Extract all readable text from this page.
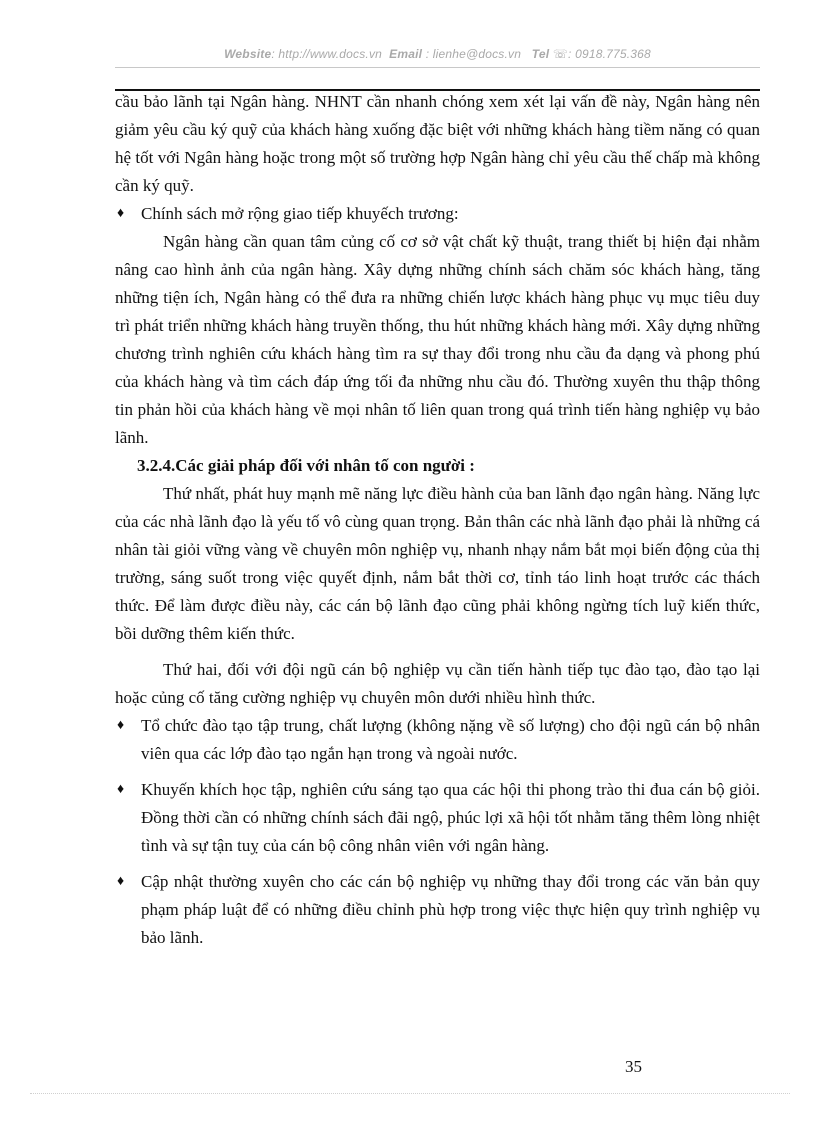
Website: http://www.docs.vn Email : lienhe@docs.vn Tel ☏: 0918.775.368

cầu bảo lãnh tại Ngân hàng. NHNT cần nhanh chóng xem xét lại vấn đề này, Ngân hàng nên giảm yêu cầu ký quỹ của khách hàng xuống đặc biệt với những khách hàng tiềm năng có quan hệ tốt với Ngân hàng hoặc trong một số trường hợp Ngân hàng chỉ yêu cầu thế chấp mà không cần ký quỹ.

♦ Chính sách mở rộng giao tiếp khuyếch trương:

Ngân hàng cần quan tâm củng cố cơ sở vật chất kỹ thuật, trang thiết bị hiện đại nhằm nâng cao hình ảnh của ngân hàng. Xây dựng những chính sách chăm sóc khách hàng, tăng những tiện ích, Ngân hàng có thể đưa ra những chiến lược khách hàng phục vụ mục tiêu duy trì phát triển những khách hàng truyền thống, thu hút những khách hàng mới. Xây dựng những chương trình nghiên cứu khách hàng tìm ra sự thay đổi trong nhu cầu đa dạng và phong phú của khách hàng và tìm cách đáp ứng tối đa những nhu cầu đó. Thường xuyên thu thập thông tin phản hồi của khách hàng về mọi nhân tố liên quan trong quá trình tiến hàng nghiệp vụ bảo lãnh.

3.2.4.Các giải pháp đối với nhân tố con người :

Thứ nhất, phát huy mạnh mẽ năng lực điều hành của ban lãnh đạo ngân hàng. Năng lực của các nhà lãnh đạo là yếu tố vô cùng quan trọng. Bản thân các nhà lãnh đạo phải là những cá nhân tài giỏi vững vàng về chuyên môn nghiệp vụ, nhanh nhạy nắm bắt mọi biến động của thị trường, sáng suốt trong việc quyết định, nắm bắt thời cơ, tỉnh táo linh hoạt trước các thách thức. Để làm được điều này, các cán bộ lãnh đạo cũng phải không ngừng tích luỹ kiến thức, bồi dưỡng thêm kiến thức.

Thứ hai, đối với đội ngũ cán bộ nghiệp vụ cần tiến hành tiếp tục đào tạo, đào tạo lại hoặc củng cố tăng cường nghiệp vụ chuyên môn dưới nhiều hình thức.

♦ Tổ chức đào tạo tập trung, chất lượng (không nặng về số lượng) cho đội ngũ cán bộ nhân viên qua các lớp đào tạo ngắn hạn trong và ngoài nước.

♦ Khuyến khích học tập, nghiên cứu sáng tạo qua các hội thi phong trào thi đua cán bộ giỏi. Đồng thời cần có những chính sách đãi ngộ, phúc lợi xã hội tốt nhằm tăng thêm lòng nhiệt tình và sự tận tuỵ của cán bộ công nhân viên với ngân hàng.

♦ Cập nhật thường xuyên cho các cán bộ nghiệp vụ những thay đổi trong các văn bản quy phạm pháp luật để có những điều chỉnh phù hợp trong việc thực hiện quy trình nghiệp vụ bảo lãnh.

35
